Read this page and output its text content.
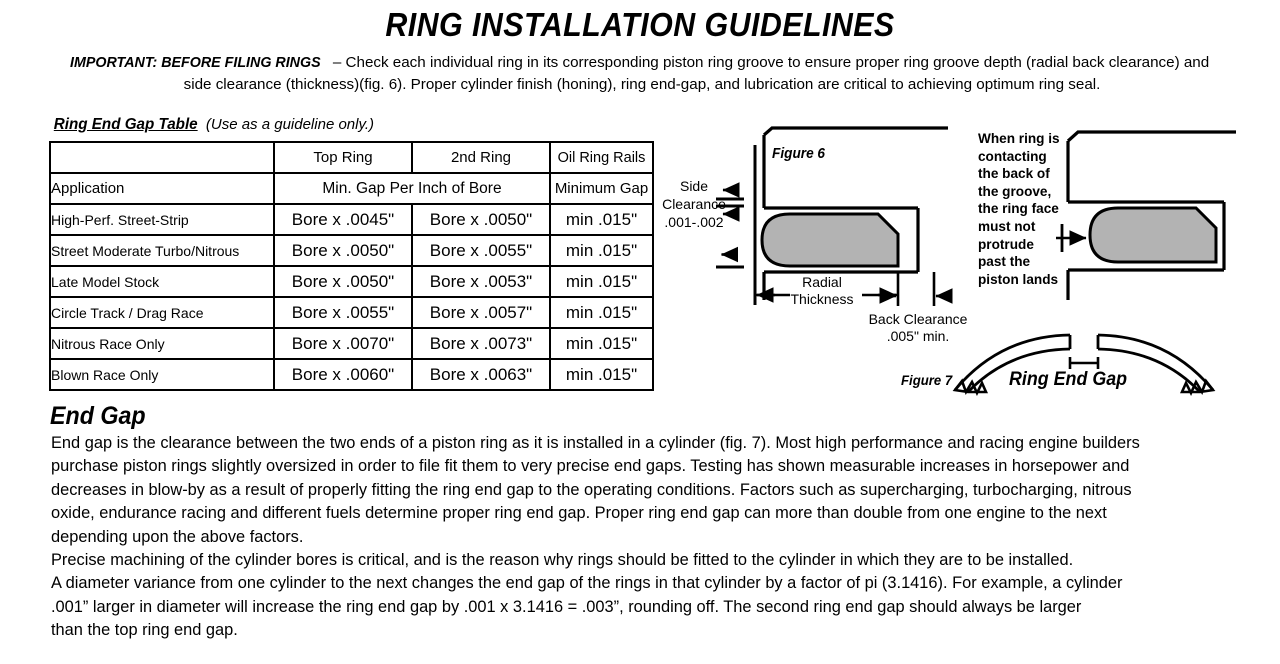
RING INSTALLATION GUIDELINES
IMPORTANT: BEFORE FILING RINGS – Check each individual ring in its corresponding piston ring groove to ensure proper ring groove depth (radial back clearance) and
side clearance (thickness)(fig. 6). Proper cylinder finish (honing), ring end-gap, and lubrication are critical to achieving optimum ring seal.
Ring End Gap Table (Use as a guideline only.)
	Top Ring	2nd Ring	Oil Ring Rails
Application	Min. Gap Per Inch of Bore		Minimum Gap
High-Perf. Street-Strip	Bore x .0045"	Bore x .0050"	min .015"
Street Moderate Turbo/Nitrous	Bore x .0050"	Bore x .0055"	min .015"
Late Model Stock	Bore x .0050"	Bore x .0053"	min .015"
Circle Track / Drag Race	Bore x .0055"	Bore x .0057"	min .015"
Nitrous Race Only	Bore x .0070"	Bore x .0073"	min .015"
Blown Race Only	Bore x .0060"	Bore x .0063"	min .015"
Figure 6
Side
Clearance
.001-.002
Radial
Thickness
Back Clearance
.005" min.
When ring is
contacting
the back of
the groove,
the ring face
must not
protrude
past the
piston lands
Figure 7	Ring End Gap
End Gap

End gap is the clearance between the two ends of a piston ring as it is installed in a cylinder (fig. 7). Most high performance and racing engine builders
purchase piston rings slightly oversized in order to file fit them to very precise end gaps. Testing has shown measurable increases in horsepower and
decreases in blow-by as a result of properly fitting the ring end gap to the operating conditions. Factors such as supercharging, turbocharging, nitrous
oxide, endurance racing and different fuels determine proper ring end gap. Proper ring end gap can more than double from one engine to the next
depending upon the above factors.

Precise machining of the cylinder bores is critical, and is the reason why rings should be fitted to the cylinder in which they are to be installed.

A diameter variance from one cylinder to the next changes the end gap of the rings in that cylinder by a factor of pi (3.1416). For example, a cylinder
.001” larger in diameter will increase the ring end gap by .001 x 3.1416 = .003”, rounding off. The second ring end gap should always be larger
than the top ring end gap.
